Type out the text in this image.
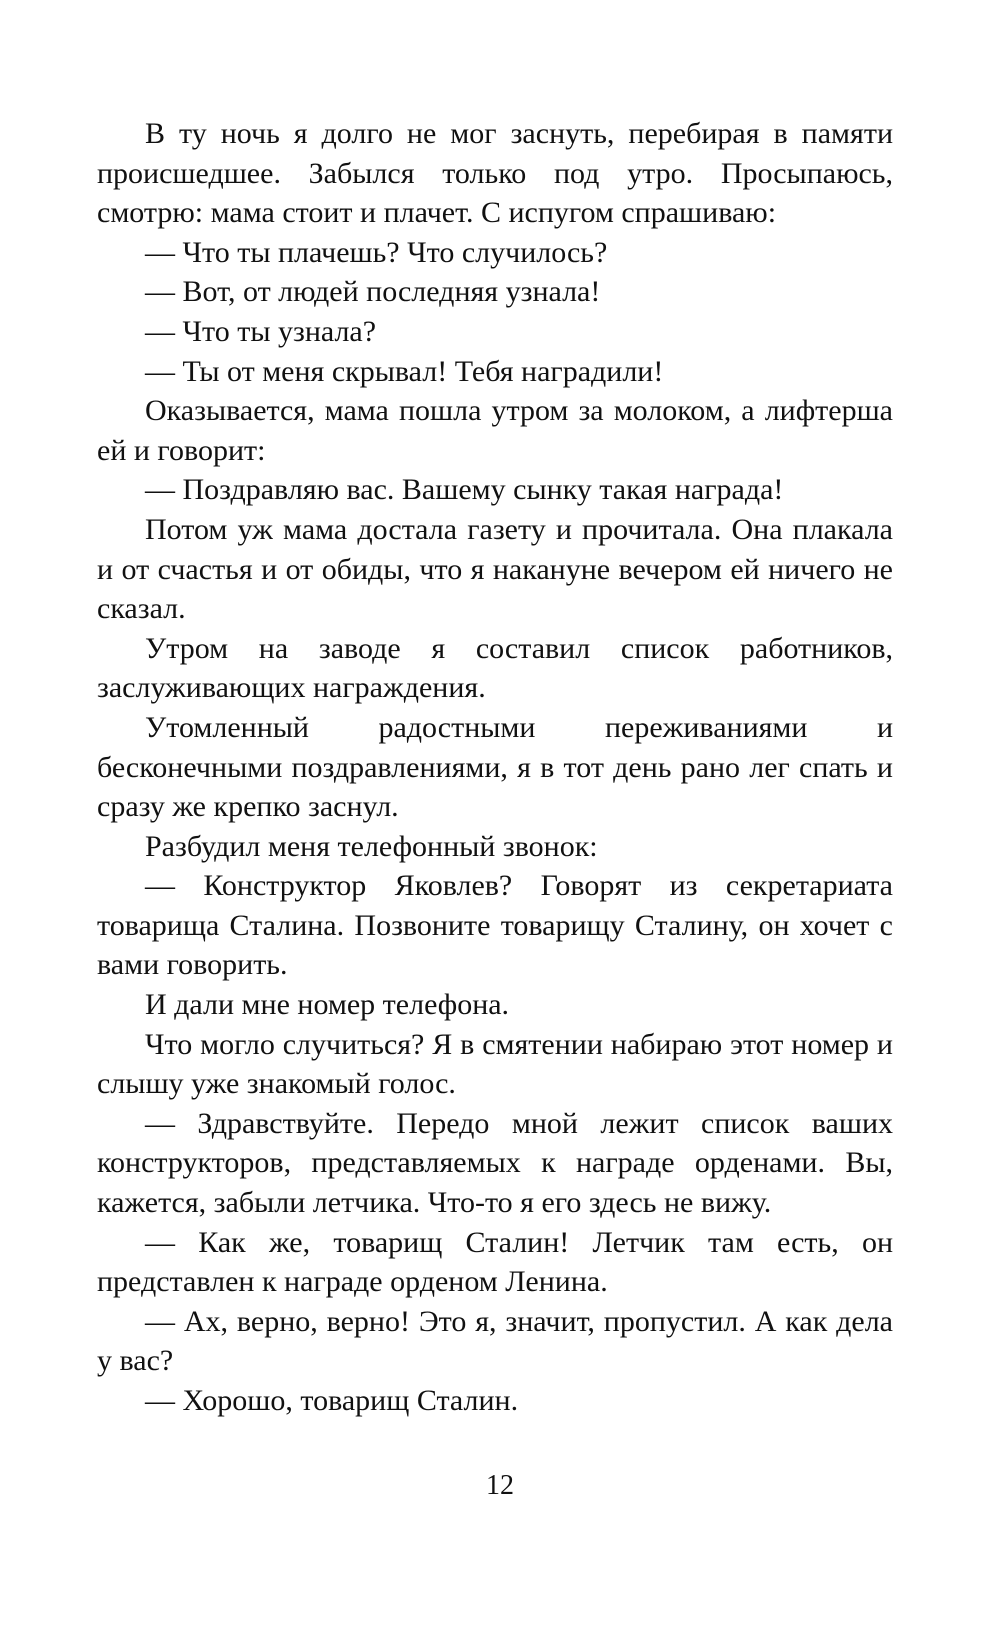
В ту ночь я долго не мог заснуть, перебирая в памяти происшедшее. Забылся только под утро. Просыпаюсь, смотрю: мама стоит и плачет. С испугом спрашиваю:

— Что ты плачешь? Что случилось?

— Вот, от людей последняя узнала!

— Что ты узнала?

— Ты от меня скрывал! Тебя наградили!

Оказывается, мама пошла утром за молоком, а лифтерша ей и говорит:

— Поздравляю вас. Вашему сынку такая награда!

Потом уж мама достала газету и прочитала. Она плакала и от счастья и от обиды, что я накануне вечером ей ничего не сказал.

Утром на заводе я составил список работников, заслуживающих награждения.

Утомленный радостными переживаниями и бесконечными поздравлениями, я в тот день рано лег спать и сразу же крепко заснул.

Разбудил меня телефонный звонок:

— Конструктор Яковлев? Говорят из секретариата товарища Сталина. Позвоните товарищу Сталину, он хочет с вами говорить.

И дали мне номер телефона.

Что могло случиться? Я в смятении набираю этот номер и слышу уже знакомый голос.

— Здравствуйте. Передо мной лежит список ваших конструкторов, представляемых к награде орденами. Вы, кажется, забыли летчика. Что-то я его здесь не вижу.

— Как же, товарищ Сталин! Летчик там есть, он представлен к награде орденом Ленина.

— Ах, верно, верно! Это я, значит, пропустил. А как дела у вас?

— Хорошо, товарищ Сталин.

12
